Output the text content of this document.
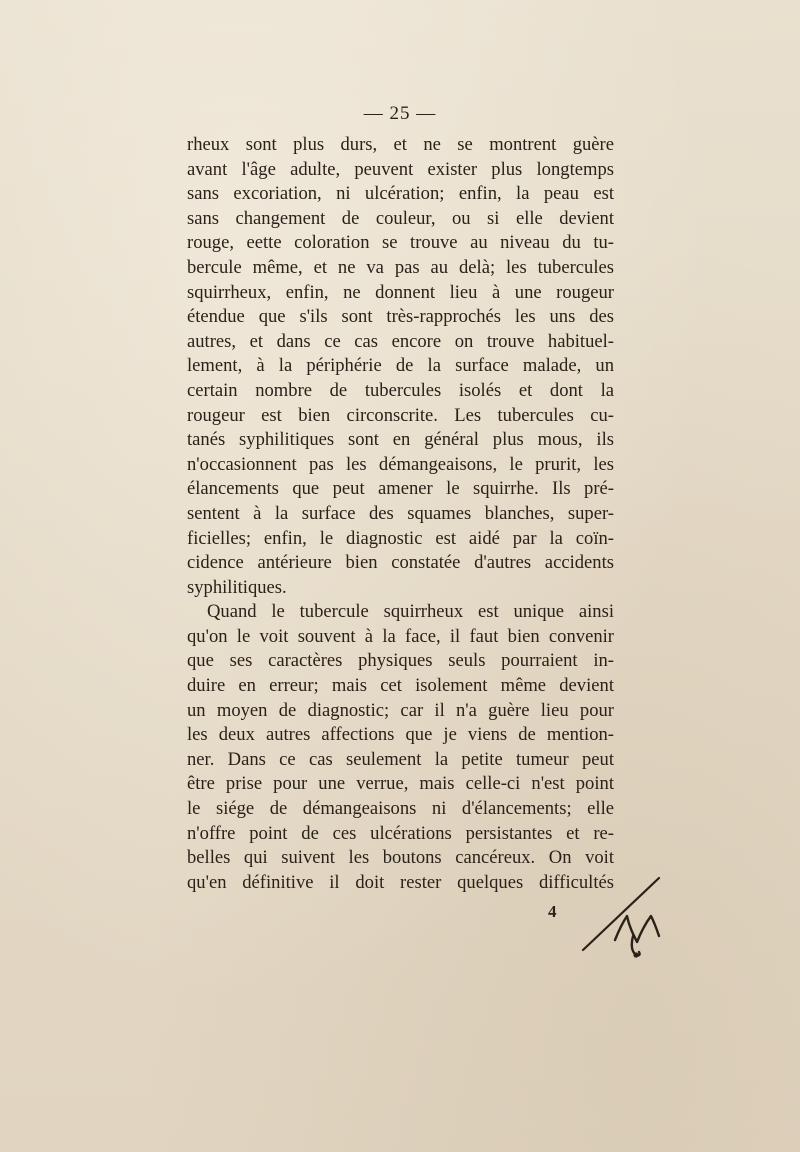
— 25 —
rheux sont plus durs, et ne se montrent guère
avant l'âge adulte, peuvent exister plus longtemps
sans excoriation, ni ulcération; enfin, la peau est
sans changement de couleur, ou si elle devient
rouge, eette coloration se trouve au niveau du tu-
bercule même, et ne va pas au delà; les tubercules
squirrheux, enfin, ne donnent lieu à une rougeur
étendue que s'ils sont très-rapprochés les uns des
autres, et dans ce cas encore on trouve habituel-
lement, à la périphérie de la surface malade, un
certain nombre de tubercules isolés et dont la
rougeur est bien circonscrite. Les tubercules cu-
tanés syphilitiques sont en général plus mous, ils
n'occasionnent pas les démangeaisons, le prurit, les
élancements que peut amener le squirrhe. Ils pré-
sentent à la surface des squames blanches, super-
ficielles; enfin, le diagnostic est aidé par la coïn-
cidence antérieure bien constatée d'autres accidents
syphilitiques.
Quand le tubercule squirrheux est unique ainsi
qu'on le voit souvent à la face, il faut bien convenir
que ses caractères physiques seuls pourraient in-
duire en erreur; mais cet isolement même devient
un moyen de diagnostic; car il n'a guère lieu pour
les deux autres affections que je viens de mention-
ner. Dans ce cas seulement la petite tumeur peut
être prise pour une verrue, mais celle-ci n'est point
le siége de démangeaisons ni d'élancements; elle
n'offre point de ces ulcérations persistantes et re-
belles qui suivent les boutons cancéreux. On voit
qu'en définitive il doit rester quelques difficultés
4
